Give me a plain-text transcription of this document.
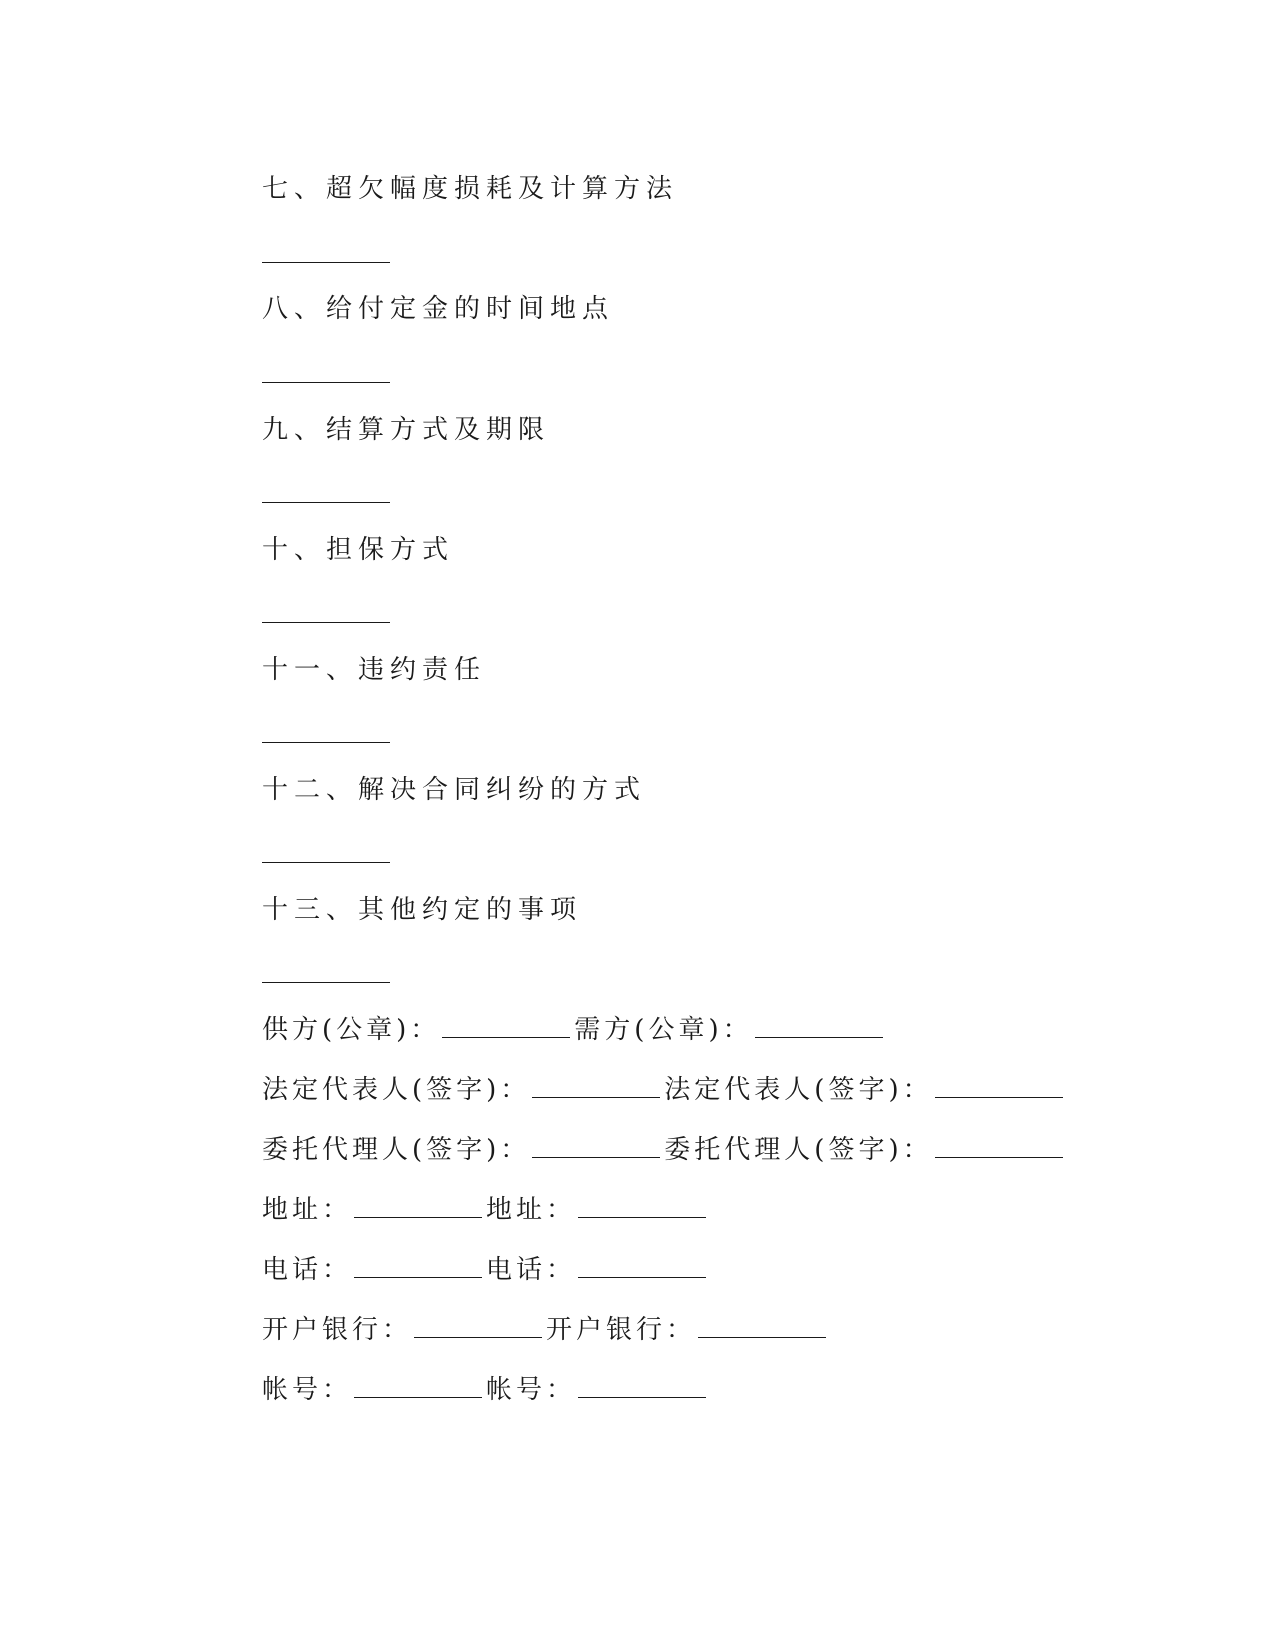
七、超欠幅度损耗及计算方法
八、给付定金的时间地点
九、结算方式及期限
十、担保方式
十一、违约责任
十二、解决合同纠纷的方式
十三、其他约定的事项
供方(公章)：	需方(公章)：
法定代表人(签字)：	法定代表人(签字)：
委托代理人(签字)：	委托代理人(签字)：
地址：	地址：
电话：	电话：
开户银行：	开户银行：
帐号：	帐号：
